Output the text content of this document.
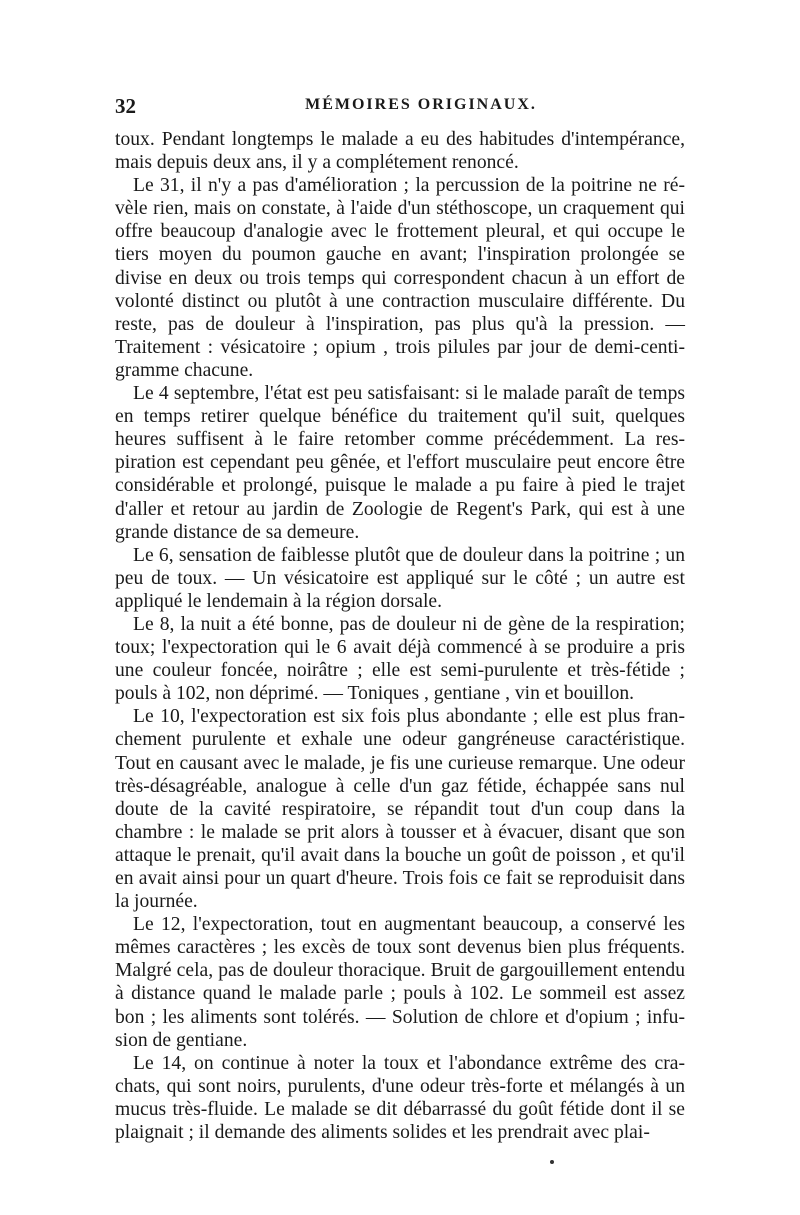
32	MÉMOIRES ORIGINAUX.

toux. Pendant longtemps le malade a eu des habitudes d'intempérance, mais depuis deux ans, il y a complétement renoncé.

Le 31, il n'y a pas d'amélioration ; la percussion de la poitrine ne révèle rien, mais on constate, à l'aide d'un stéthoscope, un craquement qui offre beaucoup d'analogie avec le frottement pleural, et qui occupe le tiers moyen du poumon gauche en avant; l'inspiration prolongée se divise en deux ou trois temps qui correspondent chacun à un effort de volonté distinct ou plutôt à une contraction musculaire différente. Du reste, pas de douleur à l'inspiration, pas plus qu'à la pression. — Traitement : vésicatoire ; opium , trois pilules par jour de demi-centigramme chacune.

Le 4 septembre, l'état est peu satisfaisant: si le malade paraît de temps en temps retirer quelque bénéfice du traitement qu'il suit, quelques heures suffisent à le faire retomber comme précédemment. La respiration est cependant peu gênée, et l'effort musculaire peut encore être considérable et prolongé, puisque le malade a pu faire à pied le trajet d'aller et retour au jardin de Zoologie de Regent's Park, qui est à une grande distance de sa demeure.

Le 6, sensation de faiblesse plutôt que de douleur dans la poitrine ; un peu de toux. — Un vésicatoire est appliqué sur le côté ; un autre est appliqué le lendemain à la région dorsale.

Le 8, la nuit a été bonne, pas de douleur ni de gène de la respiration; toux; l'expectoration qui le 6 avait déjà commencé à se produire a pris une couleur foncée, noirâtre ; elle est semi-purulente et très-fétide ; pouls à 102, non déprimé. — Toniques , gentiane , vin et bouillon.

Le 10, l'expectoration est six fois plus abondante ; elle est plus franchement purulente et exhale une odeur gangréneuse caractéristique. Tout en causant avec le malade, je fis une curieuse remarque. Une odeur très-désagréable, analogue à celle d'un gaz fétide, échappée sans nul doute de la cavité respiratoire, se répandit tout d'un coup dans la chambre : le malade se prit alors à tousser et à évacuer, disant que son attaque le prenait, qu'il avait dans la bouche un goût de poisson , et qu'il en avait ainsi pour un quart d'heure. Trois fois ce fait se reproduisit dans la journée.

Le 12, l'expectoration, tout en augmentant beaucoup, a conservé les mêmes caractères ; les excès de toux sont devenus bien plus fréquents. Malgré cela, pas de douleur thoracique. Bruit de gargouillement entendu à distance quand le malade parle ; pouls à 102. Le sommeil est assez bon ; les aliments sont tolérés. — Solution de chlore et d'opium ; infusion de gentiane.

Le 14, on continue à noter la toux et l'abondance extrême des crachats, qui sont noirs, purulents, d'une odeur très-forte et mélangés à un mucus très-fluide. Le malade se dit débarrassé du goût fétide dont il se plaignait ; il demande des aliments solides et les prendrait avec plai-
